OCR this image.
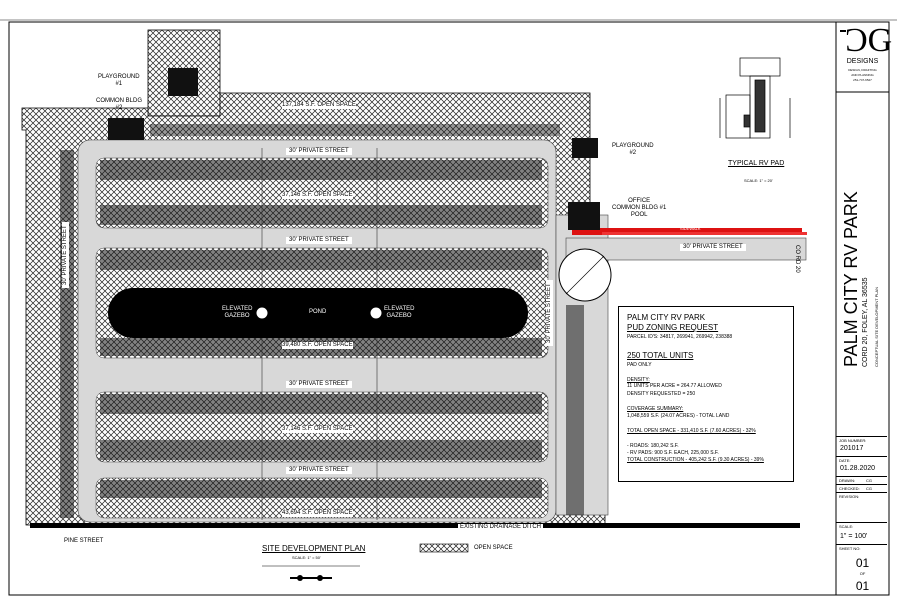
PLAYGROUND
#1
COMMON BLDG
#2
PLAYGROUND
#2
OFFICE
COMMON BLDG #1
POOL
SIDEWALK
CO RD 20
PINE STREET
EXISTING DRAINAGE DITCH
137,184 S.F. OPEN SPACE
37,146 S.F. OPEN SPACE
39,480 S.F. OPEN SPACE
37,146 S.F. OPEN SPACE
43,694 S.F. OPEN SPACE
30' PRIVATE STREET
30' PRIVATE STREET
30' PRIVATE STREET
30' PRIVATE STREET
30' PRIVATE STREET
30' PRIVATE STREET
30' PRIVATE STREET
POND
ELEVATED GAZEBO
ELEVATED GAZEBO
SITE DEVELOPMENT PLAN
SCALE: 1" = 50'
OPEN SPACE
TYPICAL RV PAD
SCALE: 1" = 20'
PALM CITY RV PARK
PUD ZONING REQUEST
PARCEL ID'S: 34817, 269941, 269942, 238388
250 TOTAL UNITS
PAD ONLY
DENSITY:
11 UNITS PER ACRE = 264.77 ALLOWED
DENSITY REQUESTED = 250
COVERAGE SUMMARY:
1,048,559 S.F. (24.07 ACRES) - TOTAL LAND
TOTAL OPEN SPACE - 331,410 S.F. (7.60 ACRES) - 32%
- ROADS: 180,242 S.F.
- RV PADS: 900 S.F. EACH, 225,000 S.F.
TOTAL CONSTRUCTION - 405,242 S.F. (9.30 ACRES) - 39%
ƆG
DESIGNS
DESIGN, DRAFTING
AND PLANNING
251-747-6527
PALM CITY RV PARK CORD 20, FOLEY, AL 36535 CONCEPTUAL SITE DEVELOPMENT PLAN
JOB NUMBER:
201017
DATE:
01.28.2020
DRAWN:	CG
CHECKED: CG
REVISION:
SCALE:
1" = 100'
SHEET NO:
01
OF
01
